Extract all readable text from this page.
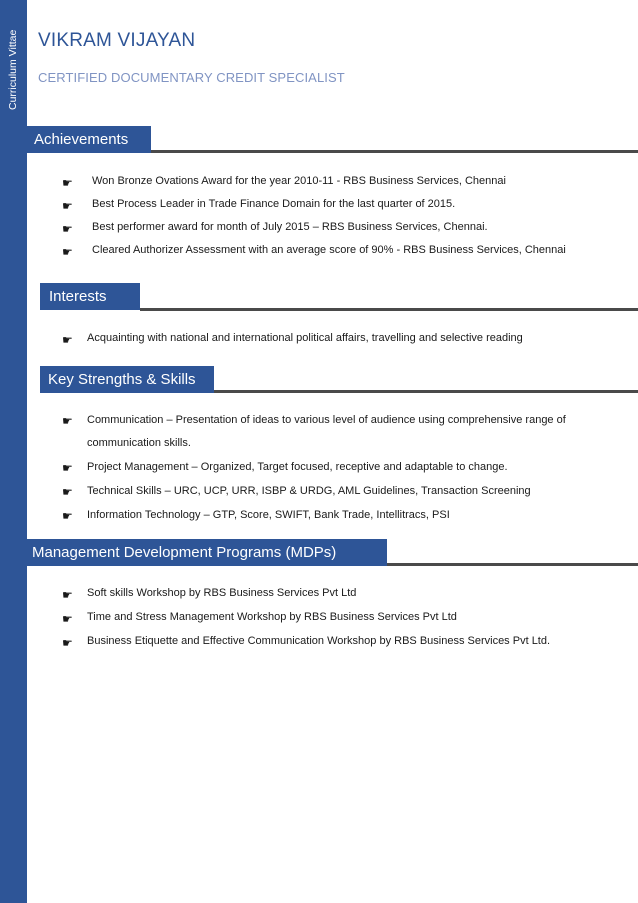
Curriculum Vittae	VIKRAM VIJAYAN
CERTIFIED DOCUMENTARY CREDIT SPECIALIST
Achievements
☛ Won Bronze Ovations Award for the year 2010-11 - RBS Business Services, Chennai
☛ Best Process Leader in Trade Finance Domain for the last quarter of 2015.
☛ Best performer award for month of July 2015 – RBS Business Services, Chennai.
☛ Cleared Authorizer Assessment with an average score of 90% - RBS Business Services, Chennai
Interests
☛ Acquainting with national and international political affairs, travelling and selective reading
Key Strengths & Skills
☛ Communication – Presentation of ideas to various level of audience using comprehensive range of communication skills.
☛ Project Management – Organized, Target focused, receptive and adaptable to change.
☛ Technical Skills – URC, UCP, URR, ISBP & URDG, AML Guidelines, Transaction Screening
☛ Information Technology – GTP, Score, SWIFT, Bank Trade, Intellitracs, PSI
Management Development Programs (MDPs)
☛ Soft skills Workshop by RBS Business Services Pvt Ltd
☛ Time and Stress Management Workshop by RBS Business Services Pvt Ltd
☛ Business Etiquette and Effective Communication Workshop by RBS Business Services Pvt Ltd.
